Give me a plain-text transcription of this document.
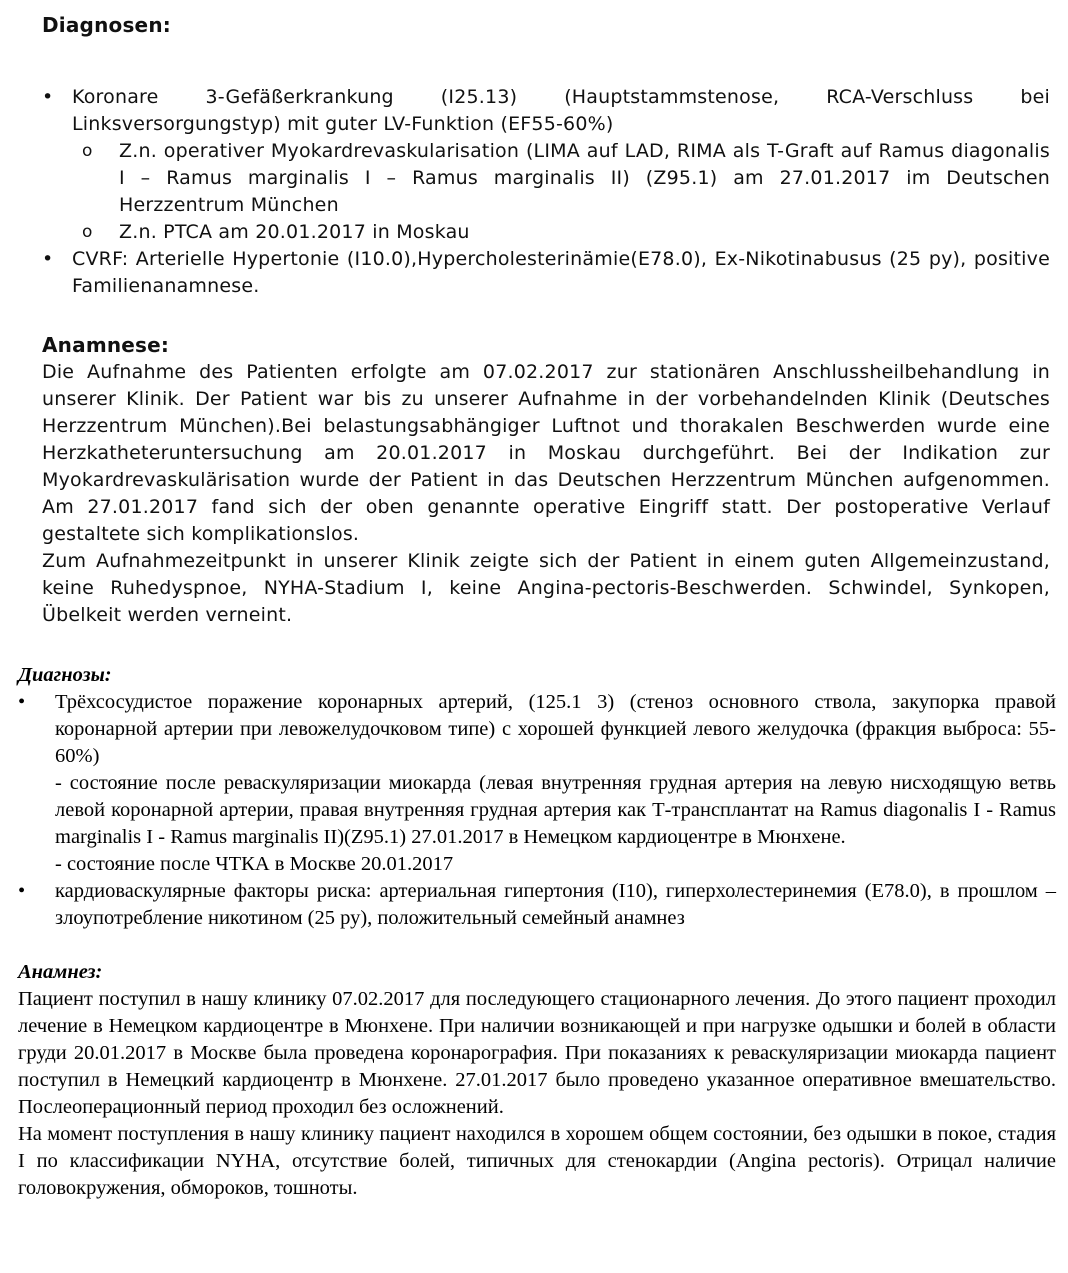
Diagnosen:

• Koronare 3-Gefäßerkrankung (I25.13) (Hauptstammstenose, RCA-Verschluss bei Linksversorgungstyp) mit guter LV-Funktion (EF55-60%)
o Z.n. operativer Myokardrevaskularisation (LIMA auf LAD, RIMA als T-Graft auf Ramus diagonalis I – Ramus marginalis I – Ramus marginalis II) (Z95.1) am 27.01.2017 im Deutschen Herzzentrum München
o Z.n. PTCA am 20.01.2017 in Moskau
• CVRF: Arterielle Hypertonie (I10.0),Hypercholesterinämie(E78.0), Ex-Nikotinabusus (25 py), positive Familienanamnese.

Anamnese:

Die Aufnahme des Patienten erfolgte am 07.02.2017 zur stationären Anschlussheilbehandlung in unserer Klinik. Der Patient war bis zu unserer Aufnahme in der vorbehandelnden Klinik (Deutsches Herzzentrum München).Bei belastungsabhängiger Luftnot und thorakalen Beschwerden wurde eine Herzkatheteruntersuchung am 20.01.2017 in Moskau durchgeführt. Bei der Indikation zur Myokardrevaskulärisation wurde der Patient in das Deutschen Herzzentrum München aufgenommen. Am 27.01.2017 fand sich der oben genannte operative Eingriff statt. Der postoperative Verlauf gestaltete sich komplikationslos.

Zum Aufnahmezeitpunkt in unserer Klinik zeigte sich der Patient in einem guten Allgemeinzustand, keine Ruhedyspnoe, NYHA-Stadium I, keine Angina-pectoris-Beschwerden. Schwindel, Synkopen, Übelkeit werden verneint.

Диагнозы:

• Трёхсосудистое поражение коронарных артерий, (125.1 3) (стеноз основного ствола, закупорка правой коронарной артерии при левожелудочковом типе) с хорошей функцией левого желудочка (фракция выброса: 55-60%)

- состояние после реваскуляризации миокарда (левая внутренняя грудная артерия на левую нисходящую ветвь левой коронарной артерии, правая внутренняя грудная артерия как Т-трансплантат на Ramus diagonalis I - Ramus marginalis I - Ramus marginalis II)(Z95.1) 27.01.2017 в Немецком кардиоцентре в Мюнхене.

- состояние после ЧТКА в Москве 20.01.2017

• кардиоваскулярные факторы риска: артериальная гипертония (I10), гиперхолестеринемия (E78.0), в прошлом – злоупотребление никотином (25 ру), положительный семейный анамнез

Анамнез:

Пациент поступил в нашу клинику 07.02.2017 для последующего стационарного лечения. До этого пациент проходил лечение в Немецком кардиоцентре в Мюнхене. При наличии возникающей и при нагрузке одышки и болей в области груди 20.01.2017 в Москве была проведена коронарография. При показаниях к реваскуляризации миокарда пациент поступил в Немецкий кардиоцентр в Мюнхене. 27.01.2017 было проведено указанное оперативное вмешательство. Послеоперационный период проходил без осложнений.

На момент поступления в нашу клинику пациент находился в хорошем общем состоянии, без одышки в покое, стадия I по классификации NYHA, отсутствие болей, типичных для стенокардии (Angina pectoris). Отрицал наличие головокружения, обмороков, тошноты.
